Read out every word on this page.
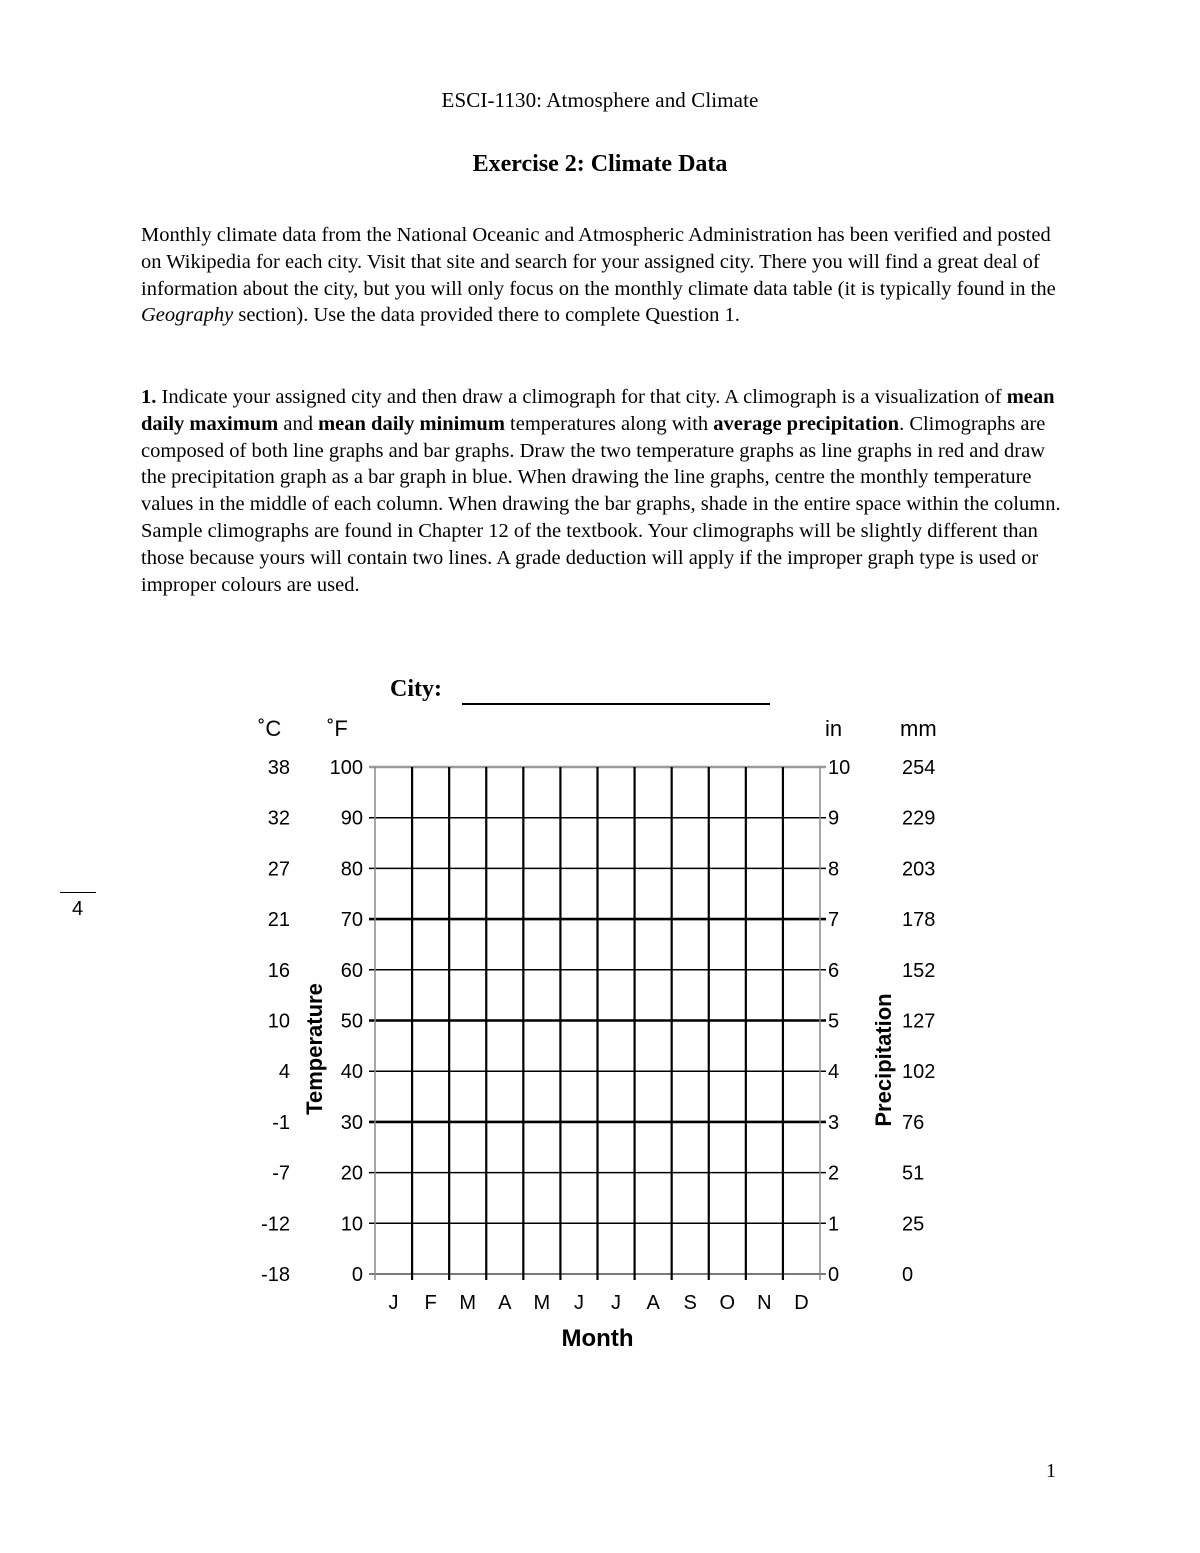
ESCI-1130: Atmosphere and Climate
Exercise 2: Climate Data

Monthly climate data from the National Oceanic and Atmospheric Administration has been verified and posted on Wikipedia for each city. Visit that site and search for your assigned city. There you will find a great deal of information about the city, but you will only focus on the monthly climate data table (it is typically found in the Geography section). Use the data provided there to complete Question 1.

1. Indicate your assigned city and then draw a climograph for that city. A climograph is a visualization of mean daily maximum and mean daily minimum temperatures along with average precipitation. Climographs are composed of both line graphs and bar graphs. Draw the two temperature graphs as line graphs in red and draw the precipitation graph as a bar graph in blue. When drawing the line graphs, centre the monthly temperature values in the middle of each column. When drawing the bar graphs, shade in the entire space within the column. Sample climographs are found in Chapter 12 of the textbook. Your climographs will be slightly different than those because yours will contain two lines. A grade deduction will apply if the improper graph type is used or improper colours are used.

City:
4
38
32
27
21
16
10
4
-1
-7
-12
-18
100
90
80
70
60
50
40
30
20
10
0
10
9
8
7
6
5
4
3
2
1
0
254
229
203
178
152
127
102
76
51
25
0
˚C ˚F	in	mm
J F M A M J J A S O N D
Month
Temperature	Precipitation
1
